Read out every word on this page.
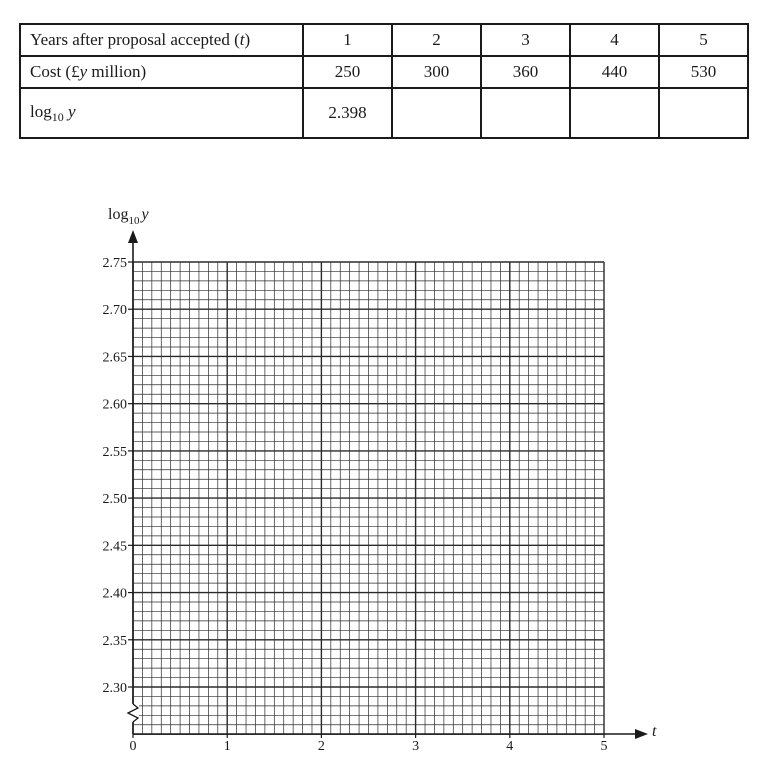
Years after proposal accepted (t)	1	2	3	4	5
Cost (£y million)	250	300	360	440	530
$\log_{10} y$	2.398				
2.30
2.35
2.40
2.45
2.50
2.55
2.60
2.65
2.70
2.75
0	1	2	3	4	5
$\log_{10} y$
t
